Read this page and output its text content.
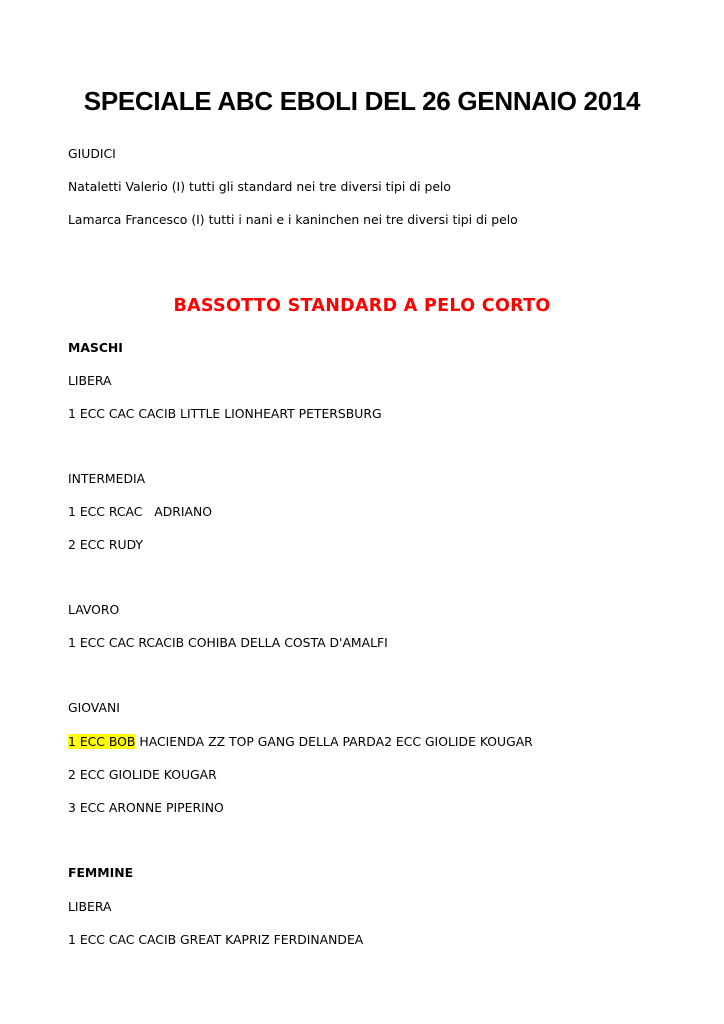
SPECIALE ABC EBOLI DEL 26 GENNAIO 2014

GIUDICI

Nataletti Valerio (I) tutti gli standard nei tre diversi tipi di pelo

Lamarca Francesco (I) tutti i nani e i kaninchen nei tre diversi tipi di pelo

BASSOTTO STANDARD A PELO CORTO

MASCHI

LIBERA

1 ECC CAC CACIB LITTLE LIONHEART PETERSBURG

INTERMEDIA

1 ECC RCAC   ADRIANO

2 ECC RUDY

LAVORO

1 ECC CAC RCACIB COHIBA DELLA COSTA D'AMALFI

GIOVANI

1 ECC BOB HACIENDA ZZ TOP GANG DELLA PARDA2 ECC GIOLIDE KOUGAR

2 ECC GIOLIDE KOUGAR

3 ECC ARONNE PIPERINO

FEMMINE

LIBERA

1 ECC CAC CACIB GREAT KAPRIZ FERDINANDEA
